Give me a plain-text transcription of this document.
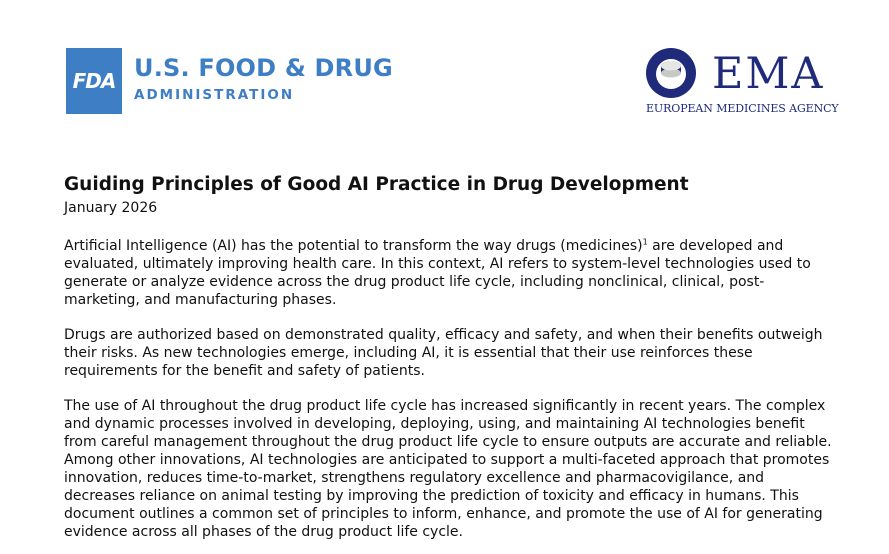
FDA U.S. FOOD & DRUG
ADMINISTRATION	EMA
EUROPEAN MEDICINES AGENCY
Guiding Principles of Good AI Practice in Drug Development
January 2026

Artificial Intelligence (AI) has the potential to transform the way drugs (medicines)$^1$ are developed and evaluated, ultimately improving health care. In this context, AI refers to system-level technologies used to generate or analyze evidence across the drug product life cycle, including nonclinical, clinical, post-marketing, and manufacturing phases.

Drugs are authorized based on demonstrated quality, efficacy and safety, and when their benefits outweigh their risks. As new technologies emerge, including AI, it is essential that their use reinforces these requirements for the benefit and safety of patients.

The use of AI throughout the drug product life cycle has increased significantly in recent years. The complex and dynamic processes involved in developing, deploying, using, and maintaining AI technologies benefit from careful management throughout the drug product life cycle to ensure outputs are accurate and reliable. Among other innovations, AI technologies are anticipated to support a multi-faceted approach that promotes innovation, reduces time-to-market, strengthens regulatory excellence and pharmacovigilance, and decreases reliance on animal testing by improving the prediction of toxicity and efficacy in humans. This document outlines a common set of principles to inform, enhance, and promote the use of AI for generating evidence across all phases of the drug product life cycle.
